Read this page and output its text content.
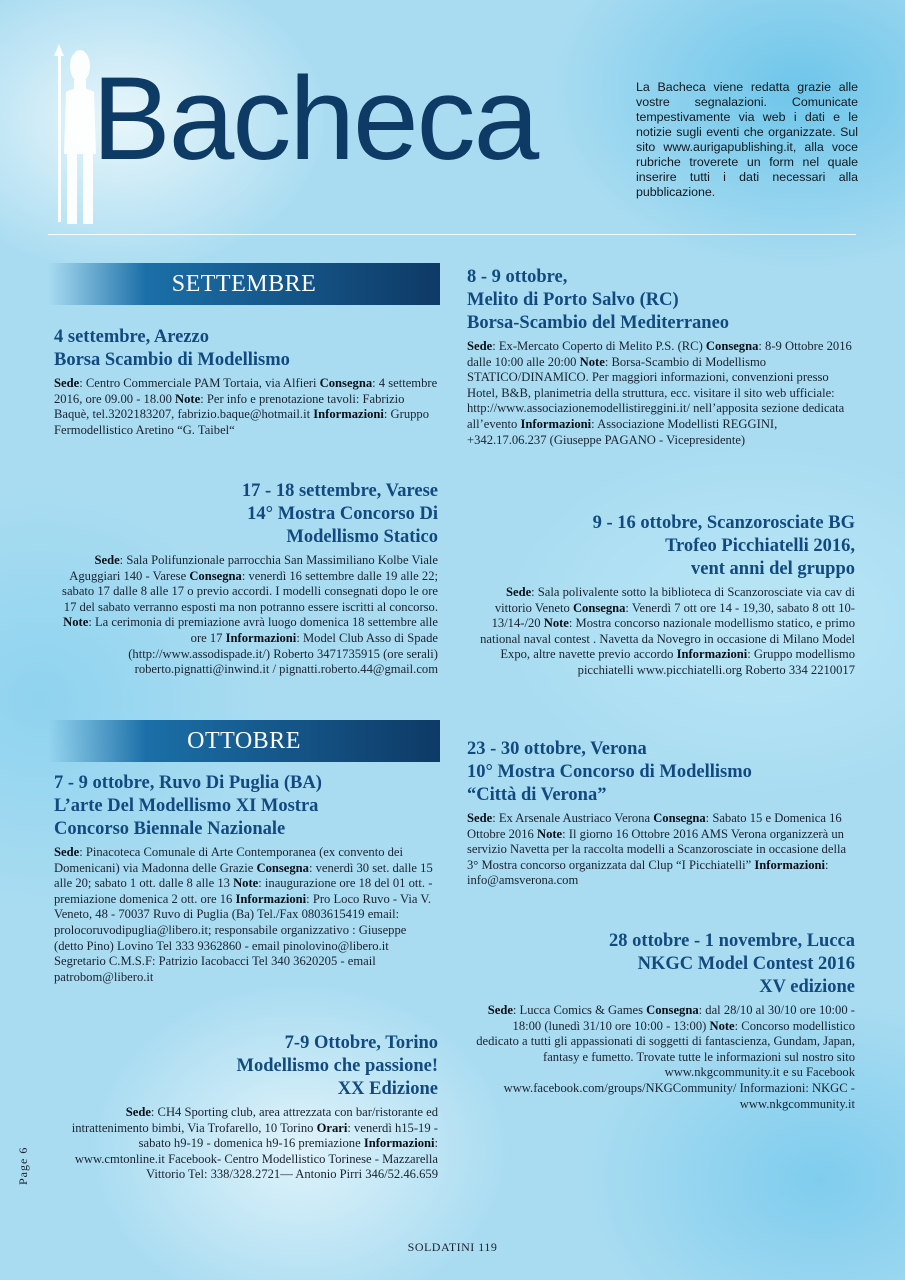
Bacheca	La Bacheca viene redatta grazie alle vostre segnalazioni. Comunicate tempestivamente via web i dati e le notizie sugli eventi che organizzate. Sul sito www.aurigapublishing.it, alla voce rubriche troverete un form nel quale inserire tutti i dati necessari alla pubblicazione.
SETTEMBRE
OTTOBRE
4 settembre, Arezzo
Borsa Scambio di Modellismo
Sede: Centro Commerciale PAM Tortaia, via Alfieri Consegna: 4 settembre 2016, ore 09.00 - 18.00 Note: Per info e prenotazione tavoli: Fabrizio Baquè, tel.3202183207, fabrizio.baque@hotmail.it Informazioni: Gruppo Fermodellistico Aretino “G. Taibel“
17 - 18 settembre, Varese
14° Mostra Concorso Di
Modellismo Statico
Sede: Sala Polifunzionale parrocchia San Massimiliano Kolbe Viale Aguggiari 140 - Varese Consegna: venerdì 16 settembre dalle 19 alle 22; sabato 17 dalle 8 alle 17 o previo accordi. I modelli consegnati dopo le ore 17 del sabato verranno esposti ma non potranno essere iscritti al concorso. Note: La cerimonia di premiazione avrà luogo domenica 18 settembre alle ore 17 Informazioni: Model Club Asso di Spade (http://www.assodispade.it/) Roberto 3471735915 (ore serali) roberto.pignatti@inwind.it / pignatti.roberto.44@gmail.com
7 - 9 ottobre, Ruvo Di Puglia (BA)
L’arte Del Modellismo XI Mostra
Concorso Biennale Nazionale
Sede: Pinacoteca Comunale di Arte Contemporanea (ex convento dei Domenicani) via Madonna delle Grazie Consegna: venerdì 30 set. dalle 15 alle 20; sabato 1 ott. dalle 8 alle 13 Note: inaugurazione ore 18 del 01 ott. - premiazione domenica 2 ott. ore 16 Informazioni: Pro Loco Ruvo - Via V. Veneto, 48 - 70037 Ruvo di Puglia (Ba) Tel./Fax 0803615419 email: prolocoruvodipuglia@libero.it; responsabile organizzativo : Giuseppe (detto Pino) Lovino Tel 333 9362860 - email pinolovino@libero.it Segretario C.M.S.F: Patrizio Iacobacci Tel 340 3620205 - email patrobom@libero.it
7-9 Ottobre, Torino
Modellismo che passione!
XX Edizione
Sede: CH4 Sporting club, area attrezzata con bar/ristorante ed intrattenimento bimbi, Via Trofarello, 10 Torino Orari: venerdì h15-19 - sabato h9-19 - domenica h9-16 premiazione Informazioni: www.cmtonline.it Facebook- Centro Modellistico Torinese - Mazzarella Vittorio Tel: 338/328.2721— Antonio Pirri 346/52.46.659
8 - 9 ottobre,
Melito di Porto Salvo (RC)
Borsa-Scambio del Mediterraneo
Sede: Ex-Mercato Coperto di Melito P.S. (RC) Consegna: 8-9 Ottobre 2016 dalle 10:00 alle 20:00 Note: Borsa-Scambio di Modellismo STATICO/DINAMICO. Per maggiori informazioni, convenzioni presso Hotel, B&B, planimetria della struttura, ecc. visitare il sito web ufficiale: http://www.associazionemodellistireggini.it/ nell’apposita sezione dedicata all’evento Informazioni: Associazione Modellisti REGGINI, +342.17.06.237 (Giuseppe PAGANO - Vicepresidente)
9 - 16 ottobre, Scanzorosciate BG
Trofeo Picchiatelli 2016,
vent anni del gruppo
Sede: Sala polivalente sotto la biblioteca di Scanzorosciate via cav di vittorio Veneto Consegna: Venerdì 7 ott ore 14 - 19,30, sabato 8 ott 10-13/14-/20 Note: Mostra concorso nazionale modellismo statico, e primo national naval contest . Navetta da Novegro in occasione di Milano Model Expo, altre navette previo accordo Informazioni: Gruppo modellismo picchiatelli www.picchiatelli.org Roberto 334 2210017
23 - 30 ottobre, Verona
10° Mostra Concorso di Modellismo
“Città di Verona”
Sede: Ex Arsenale Austriaco Verona Consegna: Sabato 15 e Domenica 16 Ottobre 2016 Note: Il giorno 16 Ottobre 2016 AMS Verona organizzerà un servizio Navetta per la raccolta modelli a Scanzorosciate in occasione della 3° Mostra concorso organizzata dal Clup “I Picchiatelli” Informazioni: info@amsverona.com
28 ottobre - 1 novembre, Lucca
NKGC Model Contest 2016
XV edizione
Sede: Lucca Comics & Games Consegna: dal 28/10 al 30/10 ore 10:00 - 18:00 (lunedì 31/10 ore 10:00 - 13:00) Note: Concorso modellistico dedicato a tutti gli appassionati di soggetti di fantascienza, Gundam, Japan, fantasy e fumetto. Trovate tutte le informazioni sul nostro sito www.nkgcommunity.it e su Facebook www.facebook.com/groups/NKGCommunity/ Informazioni: NKGC - www.nkgcommunity.it
Page 6
SOLDATINI 119
